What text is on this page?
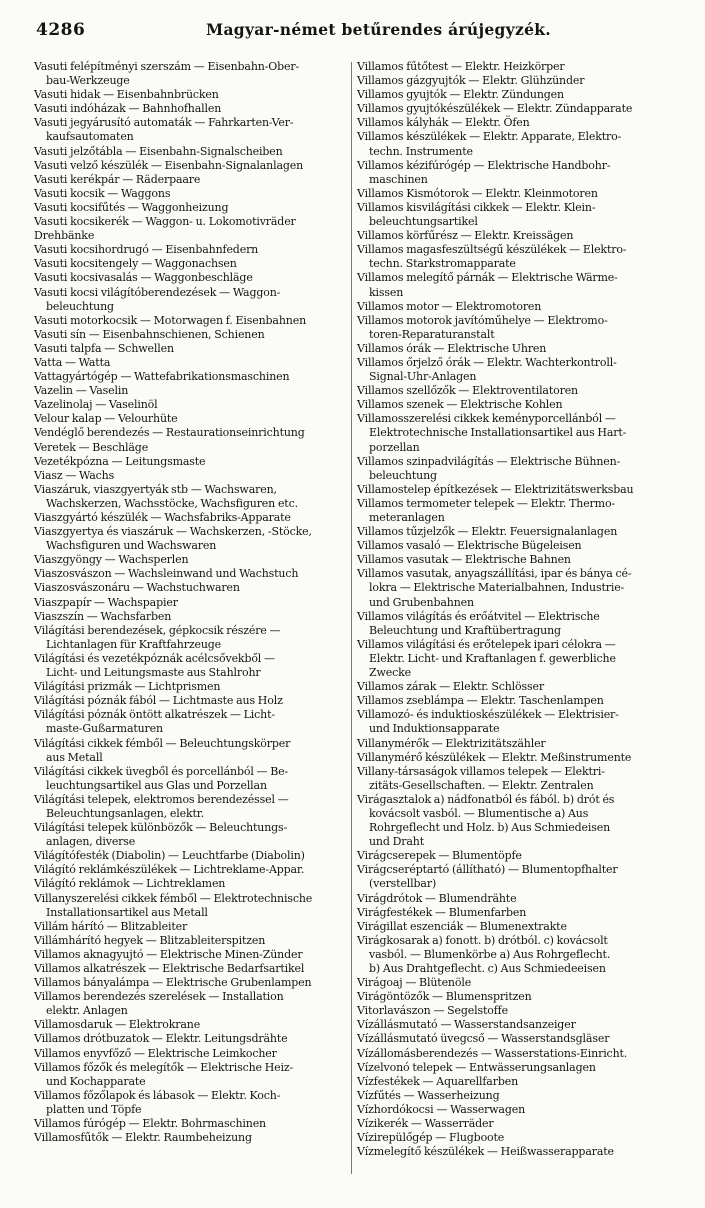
4286	Magyar-német betűrendes árújegyzék.
Vasuti felépítményi szerszám — Eisenbahn-Ober-
bau-Werkzeuge
Vasuti hidak — Eisenbahnbrücken
Vasuti indóházak — Bahnhofhallen
Vasuti jegyárusító automaták — Fahrkarten-Ver-
kaufsautomaten
Vasuti jelzőtábla — Eisenbahn-Signalscheiben
Vasuti velző készülék — Eisenbahn-Signalanlagen
Vasuti kerékpár — Räderpaare
Vasuti kocsik — Waggons
Vasuti kocsifűtés — Waggonheizung
Vasuti kocsikerék — Waggon- u. Lokomotivräder
Drehbänke
Vasuti kocsihordrugó — Eisenbahnfedern
Vasuti kocsitengely — Waggonachsen
Vasuti kocsivasalás — Waggonbeschläge
Vasuti kocsi világítóberendezések — Waggon-
beleuchtung
Vasuti motorkocsik — Motorwagen f. Eisenbahnen
Vasuti sín — Eisenbahnschienen, Schienen
Vasuti talpfa — Schwellen
Vatta — Watta
Vattagyártógép — Wattefabrikationsmaschinen
Vazelin — Vaselin
Vazelinolaj — Vaselinöl
Velour kalap — Velourhüte
Vendéglő berendezés — Restaurationseinrichtung
Veretek — Beschläge
Vezetékpózna — Leitungsmaste
Viasz — Wachs
Viaszáruk, viaszgyertyák stb — Wachswaren,
Wachskerzen, Wachsstöcke, Wachsfiguren etc.
Viaszgyártó készülék — Wachsfabriks-Apparate
Viaszgyertya és viaszáruk — Wachskerzen, -Stöcke,
Wachsfiguren und Wachswaren
Viaszgyöngy — Wachsperlen
Viaszosvászon — Wachsleinwand und Wachstuch
Viaszosvászonáru — Wachstuchwaren
Viaszpapír — Wachspapier
Viaszszín — Wachsfarben
Világítási berendezések, gépkocsik részére —
Lichtanlagen für Kraftfahrzeuge
Világítási és vezetékpóznák acélcsővekből —
Licht- und Leitungsmaste aus Stahlrohr
Világítási prizmák — Lichtprismen
Világítási póznák fából — Lichtmaste aus Holz
Világítási póznák öntött alkatrészek — Licht-
maste-Gußarmaturen
Világítási cikkek fémből — Beleuchtungskörper
aus Metall
Világítási cikkek üvegből és porcellánból — Be-
leuchtungsartikel aus Glas und Porzellan
Világítási telepek, elektromos berendezéssel —
Beleuchtungsanlagen, elektr.
Világítási telepek különbözők — Beleuchtungs-
anlagen, diverse
Világítófesték (Diabolin) — Leuchtfarbe (Diabolin)
Világító reklámkészülékek — Lichtreklame-Appar.
Világító reklámok — Lichtreklamen
Villanyszerelési cikkek fémből — Elektrotechnische
Installationsartikel aus Metall
Villám hárító — Blitzableiter
Villámhárító hegyek — Blitzableiterspitzen
Villamos aknagyujtó — Elektrische Minen-Zünder
Villamos alkatrészek — Elektrische Bedarfsartikel
Villamos bányalámpa — Elektrische Grubenlampen
Villamos berendezés szerelések — Installation
elektr. Anlagen
Villamosdaruk — Elektrokrane
Villamos drótbuzatok — Elektr. Leitungsdrähte
Villamos enyvfőző — Elektrische Leimkocher
Villamos főzők és melegítők — Elektrische Heiz-
und Kochapparate
Villamos főzőlapok és lábasok — Elektr. Koch-
platten und Töpfe
Villamos fúrógép — Elektr. Bohrmaschinen
Villamosfűtők — Elektr. Raumbeheizung
Villamos fűtőtest — Elektr. Heizkörper
Villamos gázgyujtók — Elektr. Glühzünder
Villamos gyujtók — Elektr. Zündungen
Villamos gyujtókészülékek — Elektr. Zündapparate
Villamos kályhák — Elektr. Öfen
Villamos készülékek — Elektr. Apparate, Elektro-
techn. Instrumente
Villamos kézifúrógép — Elektrische Handbohr-
maschinen
Villamos Kismótorok — Elektr. Kleinmotoren
Villamos kisvilágítási cikkek — Elektr. Klein-
beleuchtungsartikel
Villamos körfűrész — Elektr. Kreissägen
Villamos magasfeszültségű készülékek — Elektro-
techn. Starkstromapparate
Villamos melegítő párnák — Elektrische Wärme-
kissen
Villamos motor — Elektromotoren
Villamos motorok javítóműhelye — Elektromo-
toren-Reparaturanstalt
Villamos órák — Elektrische Uhren
Villamos őrjelző órák — Elektr. Wachterkontroll-
Signal-Uhr-Anlagen
Villamos szellőzők — Elektroventilatoren
Villamos szenek — Elektrische Kohlen
Villamosszerelési cikkek keményporcellánból —
Elektrotechnische Installationsartikel aus Hart-
porzellan
Villamos szinpadvilágítás — Elektrische Bühnen-
beleuchtung
Villamostelep építkezések — Elektrizitätswerksbau
Villamos termometer telepek — Elektr. Thermo-
meteranlagen
Villamos tűzjelzők — Elektr. Feuersignalanlagen
Villamos vasaló — Elektrische Bügeleisen
Villamos vasutak — Elektrische Bahnen
Villamos vasutak, anyagszállítási, ipar és bánya cé-
lokra — Elektrische Materialbahnen, Industrie-
und Grubenbahnen
Villamos világítás és erőátvitel — Elektrische
Beleuchtung und Kraftübertragung
Villamos világítási és erőtelepek ipari célokra —
Elektr. Licht- und Kraftanlagen f. gewerbliche
Zwecke
Villamos zárak — Elektr. Schlösser
Villamos zseblámpa — Elektr. Taschenlampen
Villamozó- és induktioskészülékek — Elektrisier-
und Induktionsapparate
Villanymérők — Elektrizitätszähler
Villanymérő készülékek — Elektr. Meßinstrumente
Villany-társaságok villamos telepek — Elektri-
zitäts-Gesellschaften. — Elektr. Zentralen
Virágasztalok a) nádfonatból és fából. b) drót és
kovácsolt vasból. — Blumentische a) Aus
Rohrgeflecht und Holz. b) Aus Schmiedeisen
und Draht
Virágcserepek — Blumentöpfe
Virágcseréptartó (állítható) — Blumentopfhalter
(verstellbar)
Virágdrótok — Blumendrähte
Virágfestékek — Blumenfarben
Virágillat eszenciák — Blumenextrakte
Virágkosarak a) fonott. b) drótból. c) kovácsolt
vasból. — Blumenkörbe a) Aus Rohrgeflecht.
b) Aus Drahtgeflecht. c) Aus Schmiedeeisen
Virágoaj — Blütenöle
Virágöntözők — Blumenspritzen
Vitorlavászon — Segelstoffe
Vízállásmutató — Wasserstandsanzeiger
Vízállásmutató üvegcső — Wasserstandsgläser
Vízállomásberendezés — Wasserstations-Einricht.
Vízelvonó telepek — Entwässerungsanlagen
Vízfestékek — Aquarellfarben
Vízfűtés — Wasserheizung
Vízhordókocsi — Wasserwagen
Vízikerék — Wasserräder
Vízirepülőgép — Flugboote
Vízmelegítő készülékek — Heißwasserapparate
